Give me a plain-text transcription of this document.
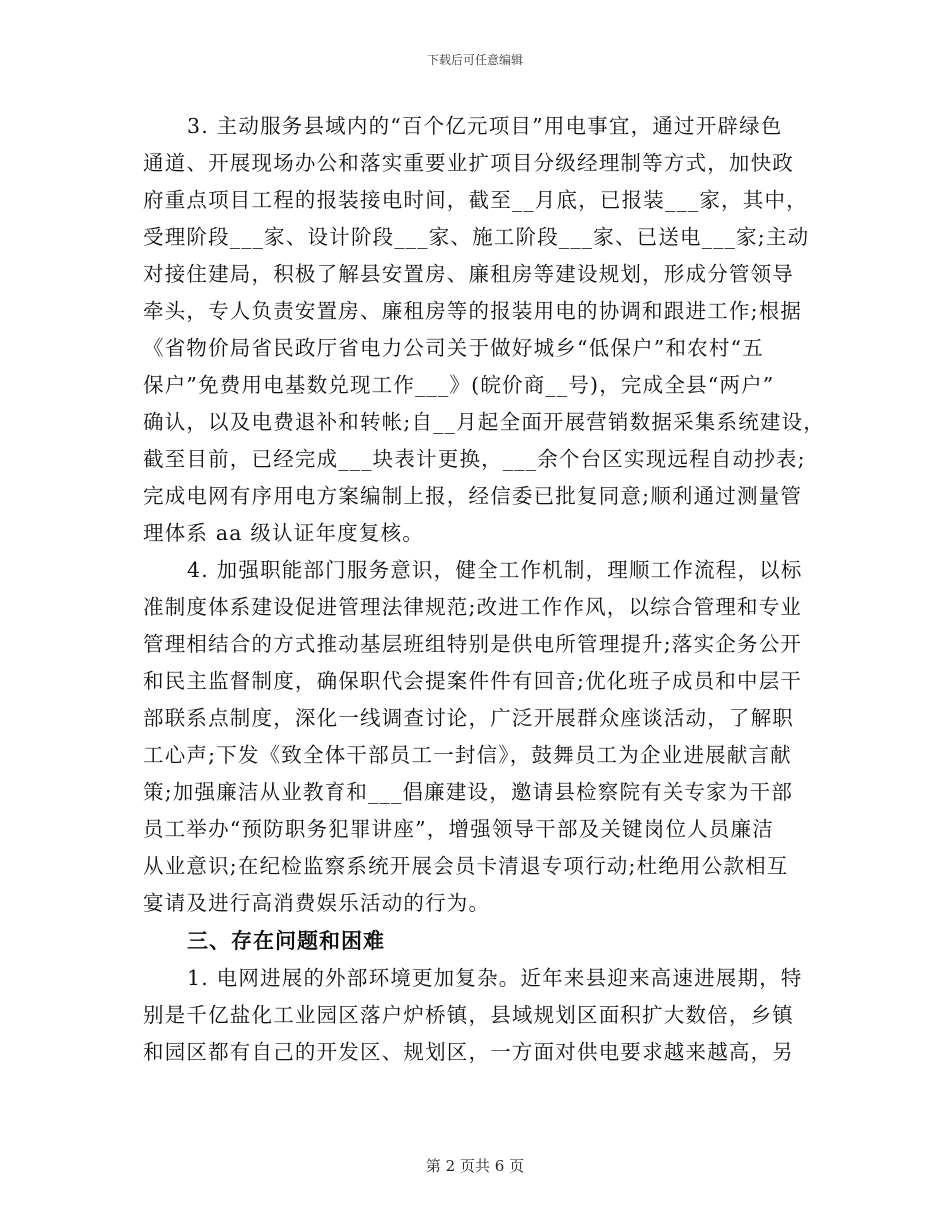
下载后可任意编辑
3. 主动服务县域内的“百个亿元项目”用电事宜，通过开辟绿色
通道、开展现场办公和落实重要业扩项目分级经理制等方式，加快政
府重点项目工程的报装接电时间，截至__月底，已报装___家，其中，
受理阶段___家、设计阶段___家、施工阶段___家、已送电___家;主动
对接住建局，积极了解县安置房、廉租房等建设规划，形成分管领导
牵头，专人负责安置房、廉租房等的报装用电的协调和跟进工作;根据
《省物价局省民政厅省电力公司关于做好城乡“低保户”和农村“五
保户”免费用电基数兑现工作___》(皖价商__号)，完成全县“两户”
确认，以及电费退补和转帐;自__月起全面开展营销数据采集系统建设，
截至目前，已经完成___块表计更换，___余个台区实现远程自动抄表;
完成电网有序用电方案编制上报，经信委已批复同意;顺利通过测量管
理体系 aa 级认证年度复核。
4. 加强职能部门服务意识，健全工作机制，理顺工作流程，以标
准制度体系建设促进管理法律规范;改进工作作风，以综合管理和专业
管理相结合的方式推动基层班组特别是供电所管理提升;落实企务公开
和民主监督制度，确保职代会提案件件有回音;优化班子成员和中层干
部联系点制度，深化一线调查讨论，广泛开展群众座谈活动，了解职
工心声;下发《致全体干部员工一封信》，鼓舞员工为企业进展献言献
策;加强廉洁从业教育和___倡廉建设，邀请县检察院有关专家为干部
员工举办“预防职务犯罪讲座”，增强领导干部及关键岗位人员廉洁
从业意识;在纪检监察系统开展会员卡清退专项行动;杜绝用公款相互
宴请及进行高消费娱乐活动的行为。
三、存在问题和困难
1. 电网进展的外部环境更加复杂。近年来县迎来高速进展期，特
别是千亿盐化工业园区落户炉桥镇，县域规划区面积扩大数倍，乡镇
和园区都有自己的开发区、规划区，一方面对供电要求越来越高，另
第 2 页共 6 页
